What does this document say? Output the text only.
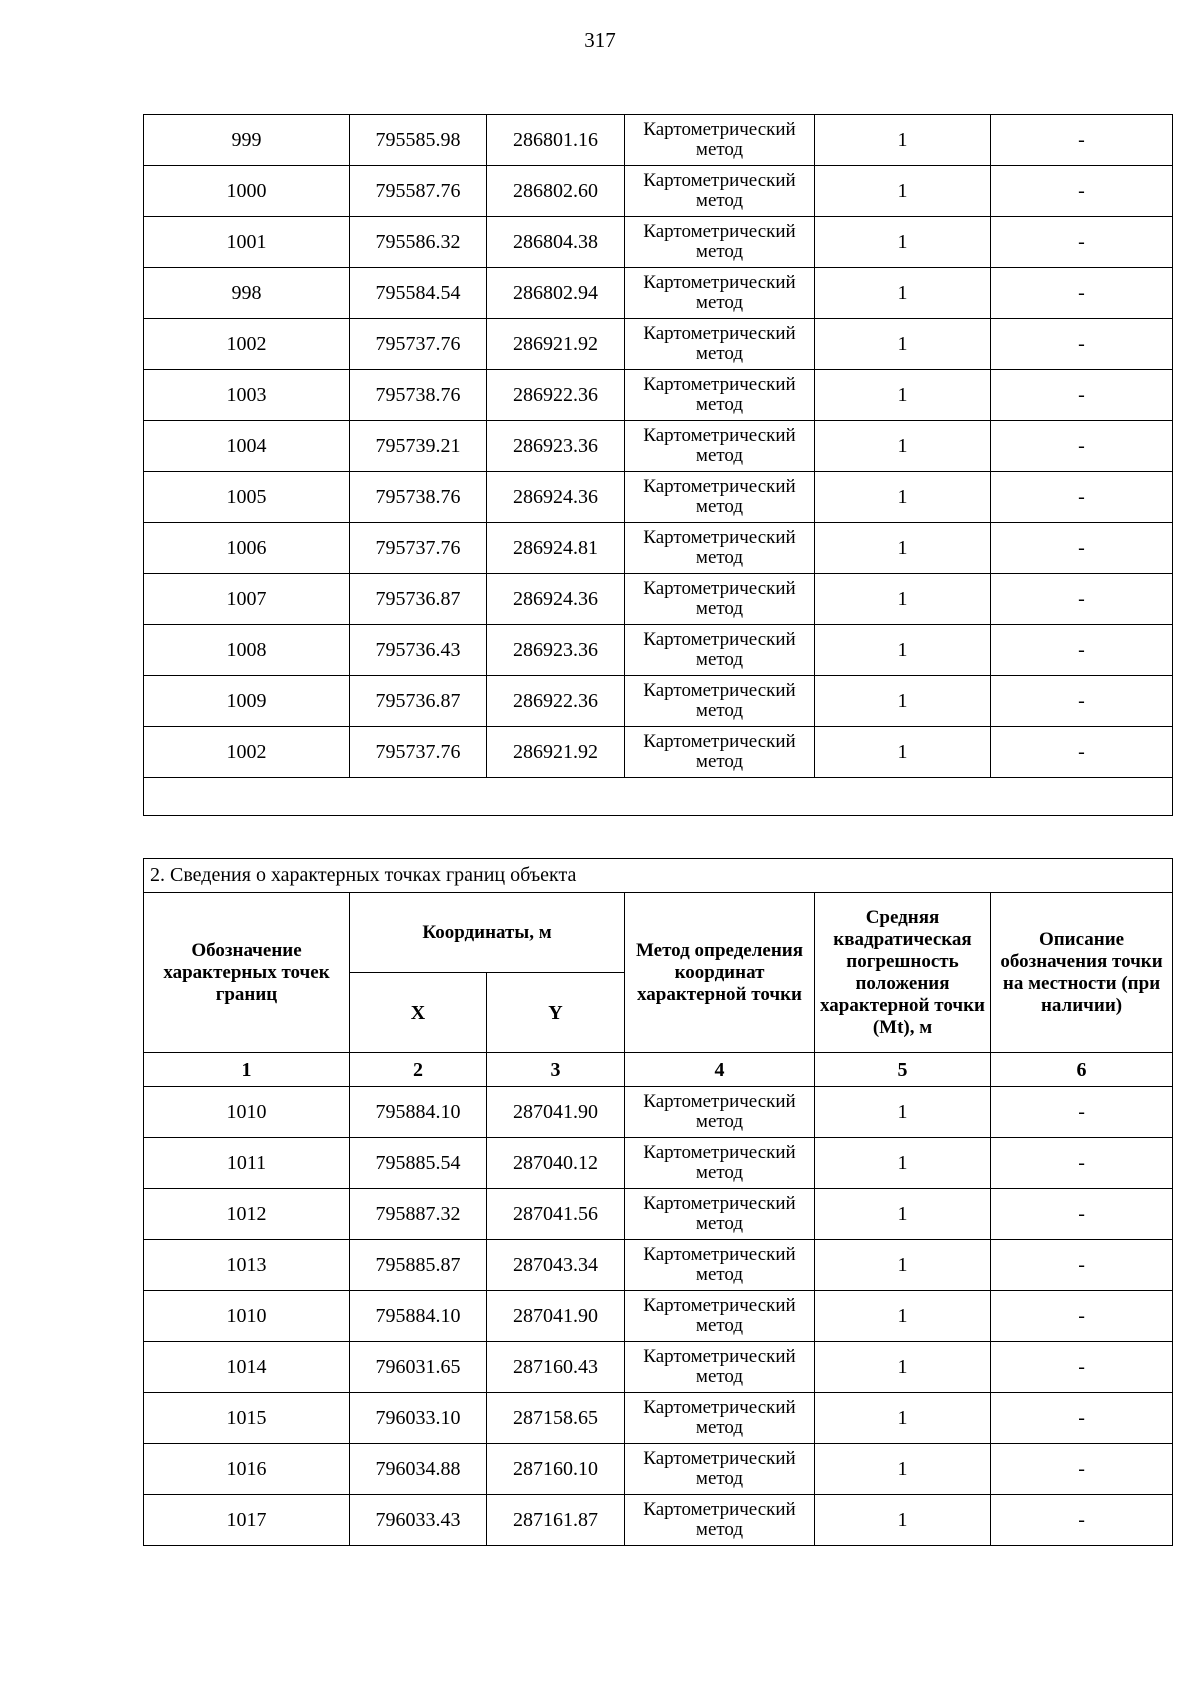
317
999	795585.98	286801.16	Картометрический метод	1	-
1000	795587.76	286802.60	Картометрический метод	1	-
1001	795586.32	286804.38	Картометрический метод	1	-
998	795584.54	286802.94	Картометрический метод	1	-
1002	795737.76	286921.92	Картометрический метод	1	-
1003	795738.76	286922.36	Картометрический метод	1	-
1004	795739.21	286923.36	Картометрический метод	1	-
1005	795738.76	286924.36	Картометрический метод	1	-
1006	795737.76	286924.81	Картометрический метод	1	-
1007	795736.87	286924.36	Картометрический метод	1	-
1008	795736.43	286923.36	Картометрический метод	1	-
1009	795736.87	286922.36	Картометрический метод	1	-
1002	795737.76	286921.92	Картометрический метод	1	-

2. Сведения о характерных точках границ объекта					
Обозначение характерных точек границ	Координаты, м		Метод определения координат характерной точки	Средняя квадратическая погрешность положения характерной точки (Mt), м	Описание обозначения точки на местности (при наличии)
	X	Y			
1	2	3	4	5	6
1010	795884.10	287041.90	Картометрический метод	1	-
1011	795885.54	287040.12	Картометрический метод	1	-
1012	795887.32	287041.56	Картометрический метод	1	-
1013	795885.87	287043.34	Картометрический метод	1	-
1010	795884.10	287041.90	Картометрический метод	1	-
1014	796031.65	287160.43	Картометрический метод	1	-
1015	796033.10	287158.65	Картометрический метод	1	-
1016	796034.88	287160.10	Картометрический метод	1	-
1017	796033.43	287161.87	Картометрический метод	1	-
